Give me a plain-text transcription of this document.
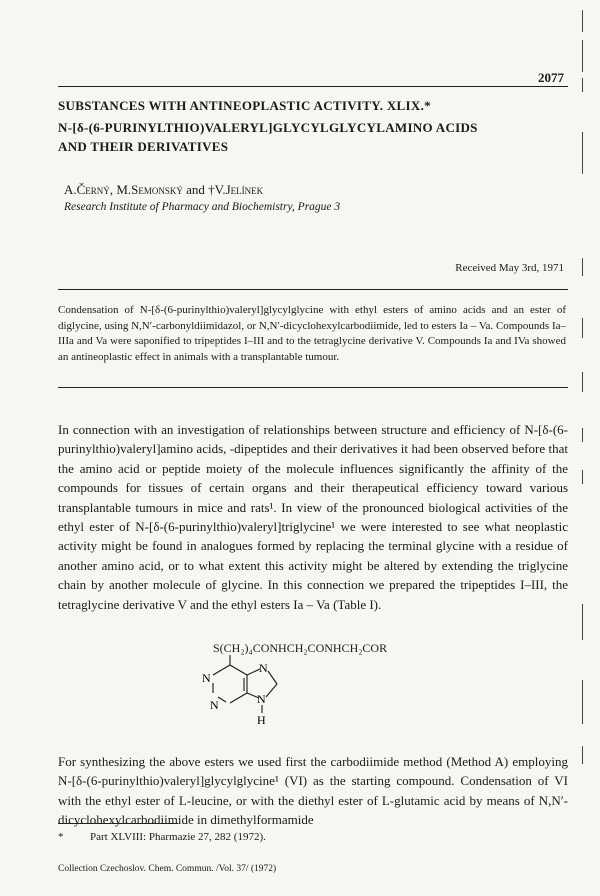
2077
SUBSTANCES WITH ANTINEOPLASTIC ACTIVITY. XLIX.*
N-[δ-(6-PURINYLTHIO)VALERYL]GLYCYLGLYCYLAMINO ACIDS
AND THEIR DERIVATIVES
A.Černý, M.Semonský and †V.Jelínek
Research Institute of Pharmacy and Biochemistry, Prague 3
Received May 3rd, 1971
Condensation of N-[δ-(6-purinylthio)valeryl]glycylglycine with ethyl esters of amino acids and an ester of diglycine, using N,N′-carbonyldiimidazol, or N,N′-dicyclohexylcarbodiimide, led to esters Ia – Va. Compounds Ia–IIIa and Va were saponified to tripeptides I–III and to the tetraglycine derivative V. Compounds Ia and IVa showed an antineoplastic effect in animals with a transplantable tumour.
In connection with an investigation of relationships between structure and efficiency of N-[δ-(6-purinylthio)valeryl]amino acids, -dipeptides and their derivatives it had been observed before that the amino acid or peptide moiety of the molecule influences significantly the affinity of the compounds for tissues of certain organs and their therapeutical efficiency toward various transplantable tumours in mice and rats¹. In view of the pronounced biological activities of the ethyl ester of N-[δ-(6-purinylthio)valeryl]triglycine¹ we were interested to see what neoplastic activity might be found in analogues formed by replacing the terminal glycine with a residue of another amino acid, or to what extent this activity might be altered by extending the triglycine chain by another molecule of glycine. In this connection we prepared the tripeptides I–III, the tetraglycine derivative V and the ethyl esters Ia – Va (Table I).
S(CH₂)₄CONHCH₂CONHCH₂COR
N
N
N
N
H
For synthesizing the above esters we used first the carbodiimide method (Method A) employing N-[δ-(6-purinylthio)valeryl]glycylglycine¹ (VI) as the starting compound. Condensation of VI with the ethyl ester of L-leucine, or with the diethyl ester of L-glutamic acid by means of N,N′-dicyclohexylcarbodiimide in dimethylformamide
* Part XLVIII: Pharmazie 27, 282 (1972).
Collection Czechoslov. Chem. Commun. /Vol. 37/ (1972)
